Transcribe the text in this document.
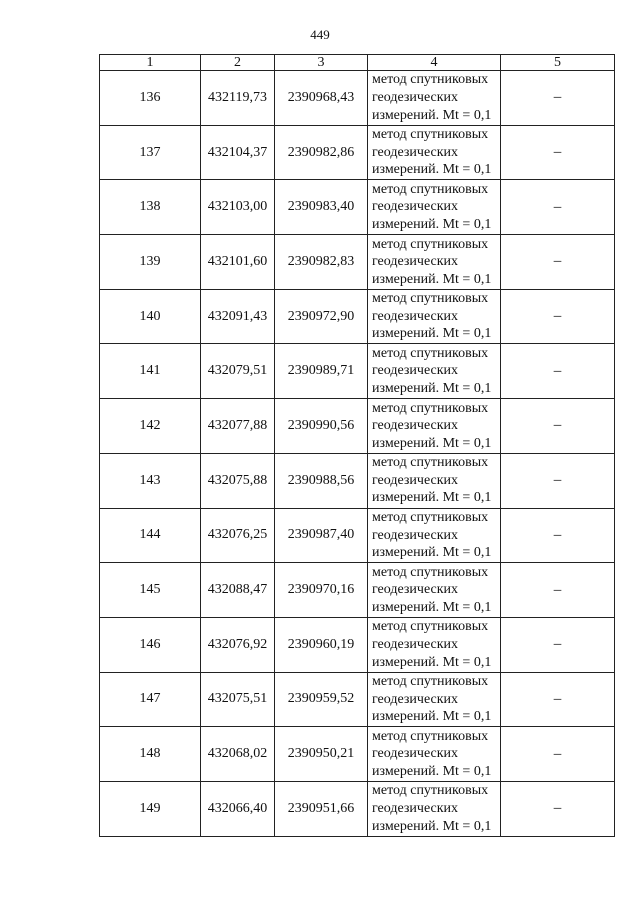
449
1	2	3	4	5
136	432119,73	2390968,43	метод спутниковых
геодезических
измерений. Mt = 0,1	–
137	432104,37	2390982,86	метод спутниковых
геодезических
измерений. Mt = 0,1	–
138	432103,00	2390983,40	метод спутниковых
геодезических
измерений. Mt = 0,1	–
139	432101,60	2390982,83	метод спутниковых
геодезических
измерений. Mt = 0,1	–
140	432091,43	2390972,90	метод спутниковых
геодезических
измерений. Mt = 0,1	–
141	432079,51	2390989,71	метод спутниковых
геодезических
измерений. Mt = 0,1	–
142	432077,88	2390990,56	метод спутниковых
геодезических
измерений. Mt = 0,1	–
143	432075,88	2390988,56	метод спутниковых
геодезических
измерений. Mt = 0,1	–
144	432076,25	2390987,40	метод спутниковых
геодезических
измерений. Mt = 0,1	–
145	432088,47	2390970,16	метод спутниковых
геодезических
измерений. Mt = 0,1	–
146	432076,92	2390960,19	метод спутниковых
геодезических
измерений. Mt = 0,1	–
147	432075,51	2390959,52	метод спутниковых
геодезических
измерений. Mt = 0,1	–
148	432068,02	2390950,21	метод спутниковых
геодезических
измерений. Mt = 0,1	–
149	432066,40	2390951,66	метод спутниковых
геодезических
измерений. Mt = 0,1	–
